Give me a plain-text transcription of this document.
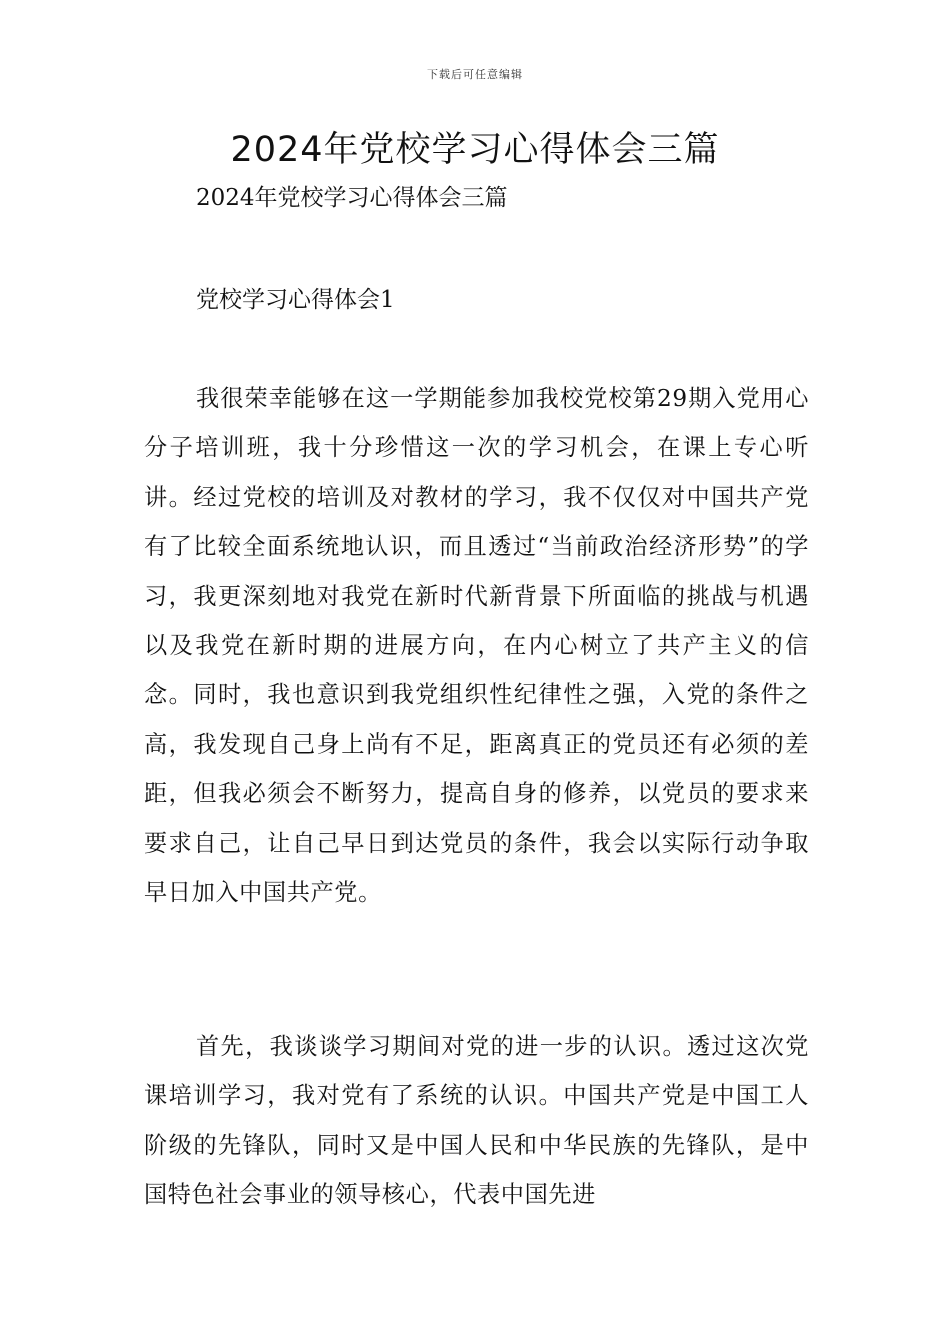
下载后可任意编辑
2024年党校学习心得体会三篇

2024年党校学习心得体会三篇

党校学习心得体会1

我很荣幸能够在这一学期能参加我校党校第29期入党用心分子培训班，我十分珍惜这一次的学习机会，在课上专心听讲。经过党校的培训及对教材的学习，我不仅仅对中国共产党有了比较全面系统地认识，而且透过“当前政治经济形势”的学习，我更深刻地对我党在新时代新背景下所面临的挑战与机遇以及我党在新时期的进展方向，在内心树立了共产主义的信念。同时，我也意识到我党组织性纪律性之强，入党的条件之高，我发现自己身上尚有不足，距离真正的党员还有必须的差距，但我必须会不断努力，提高自身的修养，以党员的要求来要求自己，让自己早日到达党员的条件，我会以实际行动争取早日加入中国共产党。

首先，我谈谈学习期间对党的进一步的认识。透过这次党课培训学习，我对党有了系统的认识。中国共产党是中国工人阶级的先锋队，同时又是中国人民和中华民族的先锋队，是中国特色社会事业的领导核心，代表中国先进
